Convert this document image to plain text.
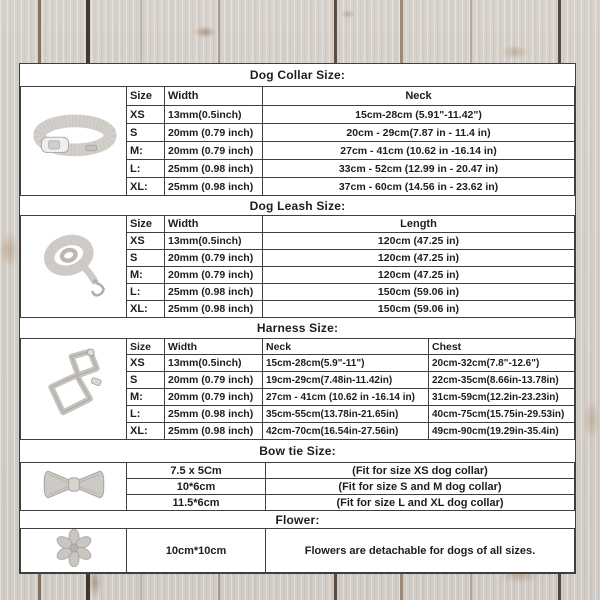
Dog Collar Size:
	Size	Width	Neck
	XS	13mm(0.5inch)	15cm-28cm (5.91"-11.42")
	S	20mm (0.79 inch)	20cm - 29cm(7.87 in - 11.4 in)
	M:	20mm (0.79 inch)	27cm - 41cm (10.62 in -16.14 in)
	L:	25mm (0.98 inch)	33cm - 52cm (12.99 in - 20.47 in)
	XL:	25mm (0.98 inch)	37cm - 60cm (14.56 in - 23.62 in)
Dog Leash Size:
	Size	Width	Length
	XS	13mm(0.5inch)	120cm (47.25 in)
	S	20mm (0.79 inch)	120cm (47.25 in)
	M:	20mm (0.79 inch)	120cm (47.25 in)
	L:	25mm (0.98 inch)	150cm (59.06 in)
	XL:	25mm (0.98 inch)	150cm (59.06 in)
Harness Size:
	Size	Width	Neck	Chest
	XS	13mm(0.5inch)	15cm-28cm(5.9"-11")	20cm-32cm(7.8"-12.6")
	S	20mm (0.79 inch)	19cm-29cm(7.48in-11.42in)	22cm-35cm(8.66in-13.78in)
	M:	20mm (0.79 inch)	27cm - 41cm (10.62 in -16.14 in)	31cm-59cm(12.2in-23.23in)
	L:	25mm (0.98 inch)	35cm-55cm(13.78in-21.65in)	40cm-75cm(15.75in-29.53in)
	XL:	25mm (0.98 inch)	42cm-70cm(16.54in-27.56in)	49cm-90cm(19.29in-35.4in)
Bow tie Size:
	7.5 x 5Cm	(Fit for size XS dog collar)
	10*6cm	(Fit for size S and M dog collar)
	11.5*6cm	(Fit for size L and XL dog collar)
Flower:
	10cm*10cm	Flowers are detachable for dogs of all sizes.
